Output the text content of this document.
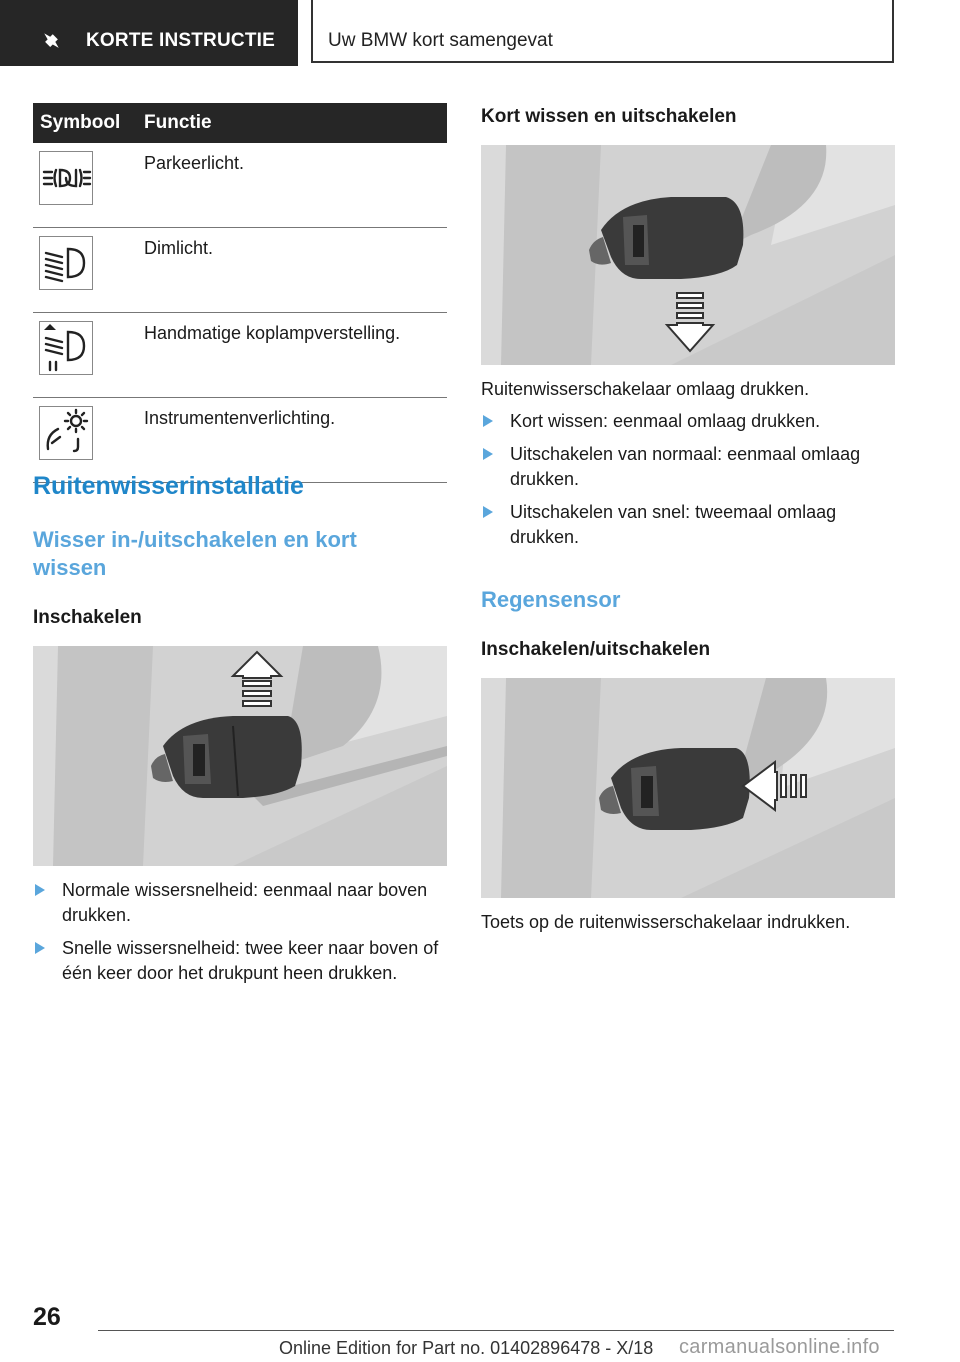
KORTE INSTRUCTIE	Uw BMW kort samengevat
Symbool	Functie

	Parkeerlicht.

	Dimlicht.

	Handmatige koplampverstelling.

	Instrumentenverlichting.
Ruitenwisserinstallatie
Wisser in-/uitschakelen en kort wissen
Inschakelen
Normale wissersnelheid: eenmaal naar boven drukken.
Snelle wissersnelheid: twee keer naar boven of één keer door het drukpunt heen drukken.
Kort wissen en uitschakelen
Ruitenwisserschakelaar omlaag drukken.
Kort wissen: eenmaal omlaag drukken.
Uitschakelen van normaal: eenmaal omlaag drukken.
Uitschakelen van snel: tweemaal omlaag drukken.
Regensensor
Inschakelen/uitschakelen
Toets op de ruitenwisserschakelaar indrukken.
26
Online Edition for Part no. 01402896478 - X/18 carmanualsonline.info
